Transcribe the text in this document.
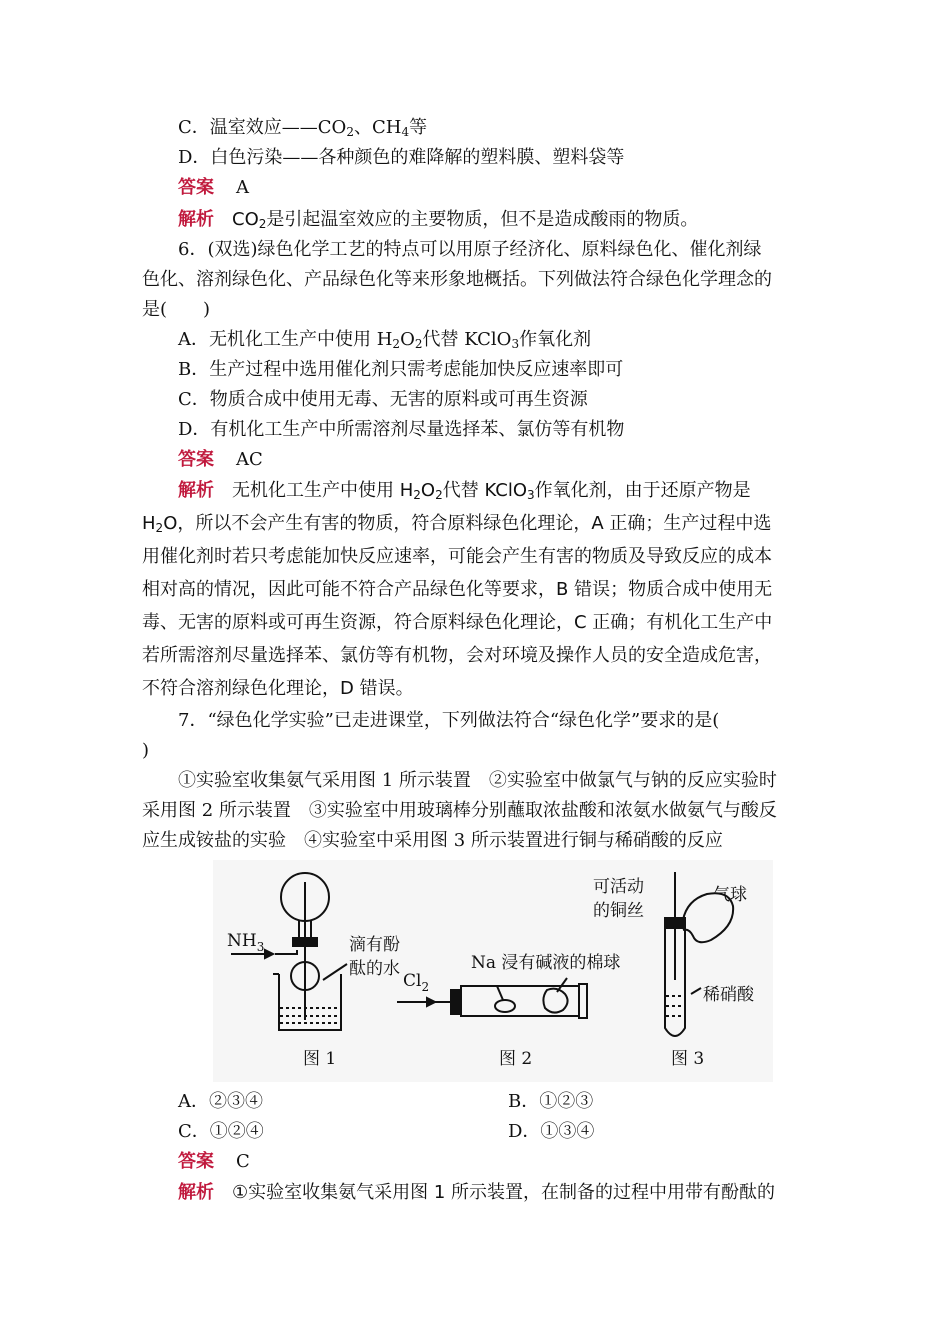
C．温室效应$——CO_2$、$CH_4$等
D．白色污染——各种颜色的难降解的塑料膜、塑料袋等
答案 A
解析 $CO_2$是引起温室效应的主要物质，但不是造成酸雨的物质。
6．(双选)绿色化学工艺的特点可以用原子经济化、原料绿色化、催化剂绿
色化、溶剂绿色化、产品绿色化等来形象地概括。下列做法符合绿色化学理念的
是(　　)
A．无机化工生产中使用 $H_2O_2$代替 KClO$_3$作氧化剂
B．生产过程中选用催化剂只需考虑能加快反应速率即可
C．物质合成中使用无毒、无害的原料或可再生资源
D．有机化工生产中所需溶剂尽量选择苯、氯仿等有机物
答案 AC
解析 无机化工生产中使用 $H_2O_2$代替 KClO$_3$作氧化剂，由于还原产物是
$H_2O$，所以不会产生有害的物质，符合原料绿色化理论，A 正确；生产过程中选
用催化剂时若只考虑能加快反应速率，可能会产生有害的物质及导致反应的成本
相对高的情况，因此可能不符合产品绿色化等要求，B 错误；物质合成中使用无
毒、无害的原料或可再生资源，符合原料绿色化理论，C 正确；有机化工生产中
若所需溶剂尽量选择苯、氯仿等有机物，会对环境及操作人员的安全造成危害，
不符合溶剂绿色化理论，D 错误。
7．“绿色化学实验”已走进课堂，下列做法符合“绿色化学”要求的是(
)
①实验室收集氨气采用图 1 所示装置　②实验室中做氯气与钠的反应实验时
采用图 2 所示装置　③实验室中用玻璃棒分别蘸取浓盐酸和浓氨水做氨气与酸反
应生成铵盐的实验　④实验室中采用图 3 所示装置进行铜与稀硝酸的反应
$NH_3$	滴有酚
酞的水
图 1
$Cl_2$
Na 浸有碱液的棉球
图 2
可活动
的铜丝
气球
稀硝酸
图 3
A．②③④	B．①②③
C．①②④	D．①③④
答案 C
解析 ①实验室收集氨气采用图 1 所示装置，在制备的过程中用带有酚酞的
